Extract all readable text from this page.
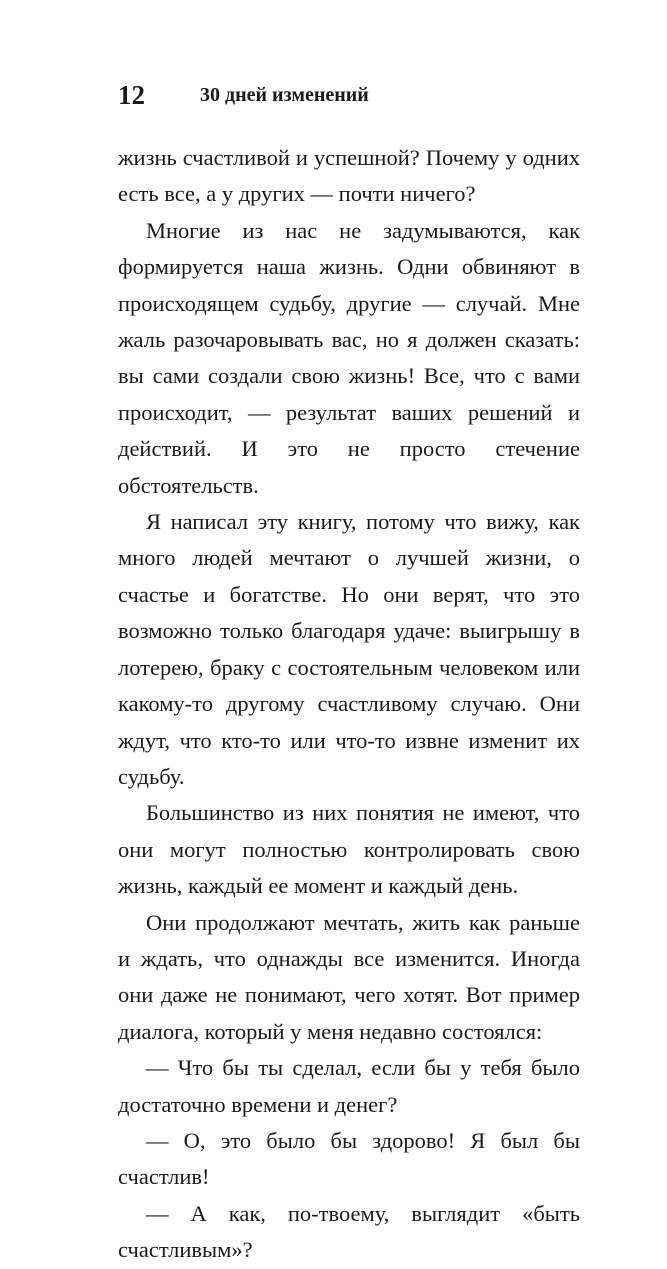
12	30 дней изменений

жизнь счастливой и успешной? Почему у одних есть все, а у других — почти ничего?

Многие из нас не задумываются, как формируется наша жизнь. Одни обвиняют в происходящем судьбу, другие — случай. Мне жаль разочаровывать вас, но я должен сказать: вы сами создали свою жизнь! Все, что с вами происходит, — результат ваших решений и действий. И это не просто стечение обстоятельств.

Я написал эту книгу, потому что вижу, как много людей мечтают о лучшей жизни, о счастье и богатстве. Но они верят, что это возможно только благодаря удаче: выигрышу в лотерею, браку с состоятельным человеком или какому-то другому счастливому случаю. Они ждут, что кто-то или что-то извне изменит их судьбу.

Большинство из них понятия не имеют, что они могут полностью контролировать свою жизнь, каждый ее момент и каждый день.

Они продолжают мечтать, жить как раньше и ждать, что однажды все изменится. Иногда они даже не понимают, чего хотят. Вот пример диалога, который у меня недавно состоялся:

— Что бы ты сделал, если бы у тебя было достаточно времени и денег?

— О, это было бы здорово! Я был бы счастлив!

— А как, по-твоему, выглядит «быть счастливым»?
